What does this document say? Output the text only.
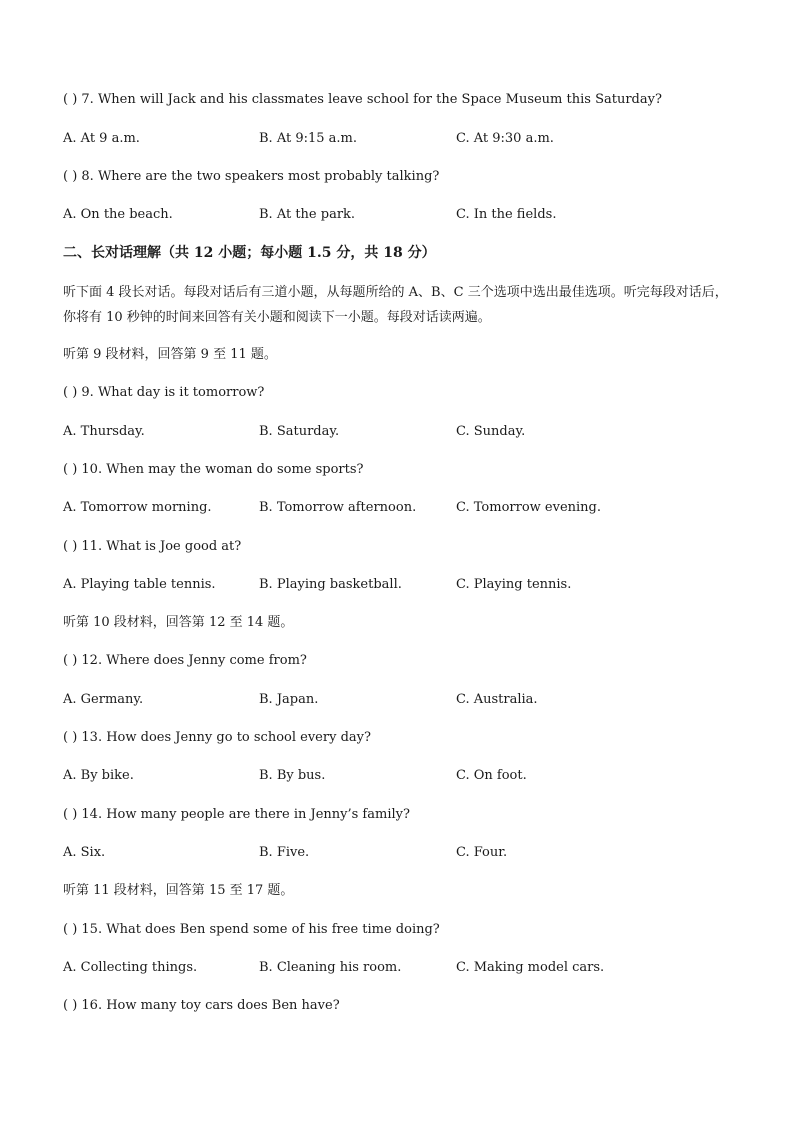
( ) 7. When will Jack and his classmates leave school for the Space Museum this Saturday?
A. At 9 a.m.	B. At 9:15 a.m.	C. At 9:30 a.m.
( ) 8. Where are the two speakers most probably talking?
A. On the beach.	B. At the park.	C. In the fields.
二、长对话理解（共 12 小题；每小题 1.5 分，共 18 分）
听下面 4 段长对话。每段对话后有三道小题，从每题所给的 A、B、C 三个选项中选出最佳选项。听完每段对话后，你将有 10 秒钟的时间来回答有关小题和阅读下一小题。每段对话读两遍。
听第 9 段材料，回答第 9 至 11 题。
( ) 9. What day is it tomorrow?
A. Thursday.	B. Saturday.	C. Sunday.
( ) 10. When may the woman do some sports?
A. Tomorrow morning.	B. Tomorrow afternoon.	C. Tomorrow evening.
( ) 11. What is Joe good at?
A. Playing table tennis.	B. Playing basketball.	C. Playing tennis.
听第 10 段材料，回答第 12 至 14 题。
( ) 12. Where does Jenny come from?
A. Germany.	B. Japan.	C. Australia.
( ) 13. How does Jenny go to school every day?
A. By bike.	B. By bus.	C. On foot.
( ) 14. How many people are there in Jenny’s family?
A. Six.	B. Five.	C. Four.
听第 11 段材料，回答第 15 至 17 题。
( ) 15. What does Ben spend some of his free time doing?
A. Collecting things.	B. Cleaning his room.	C. Making model cars.
( ) 16. How many toy cars does Ben have?
